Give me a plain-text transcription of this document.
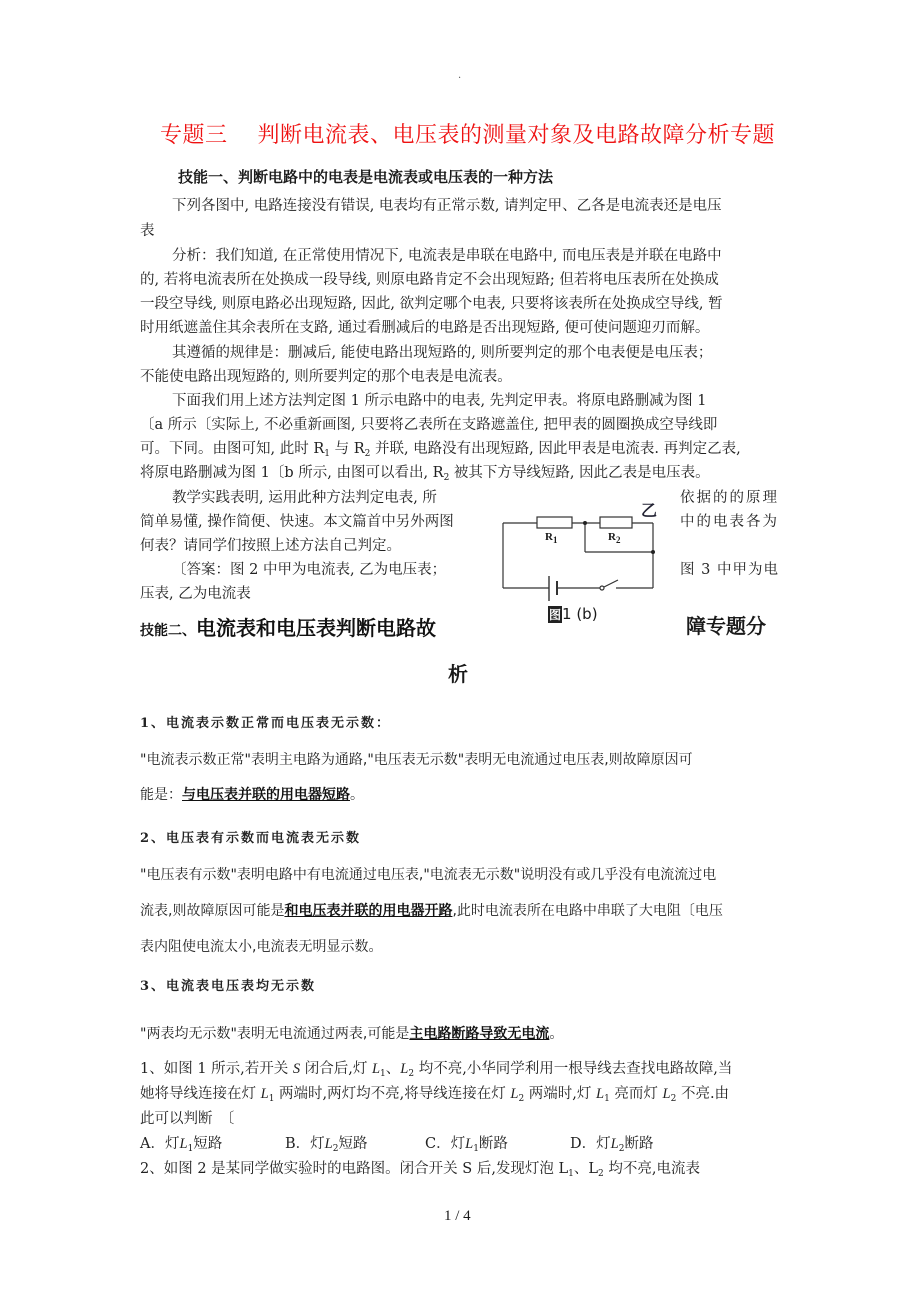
.
专题三 判断电流表、电压表的测量对象及电路故障分析专题
技能一、判断电路中的电表是电流表或电压表的一种方法
下列各图中, 电路连接没有错误, 电表均有正常示数, 请判定甲、乙各是电流表还是电压
表
分析：我们知道, 在正常使用情况下, 电流表是串联在电路中, 而电压表是并联在电路中
的, 若将电流表所在处换成一段导线, 则原电路肯定不会出现短路; 但若将电压表所在处换成
一段空导线, 则原电路必出现短路, 因此, 欲判定哪个电表, 只要将该表所在处换成空导线, 暂
时用纸遮盖住其余表所在支路, 通过看删减后的电路是否出现短路, 便可使问题迎刃而解。
其遵循的规律是：删减后, 能使电路出现短路的, 则所要判定的那个电表便是电压表；
不能使电路出现短路的, 则所要判定的那个电表是电流表。
下面我们用上述方法判定图 1 所示电路中的电表, 先判定甲表。将原电路删减为图 1
〔a 所示〔实际上, 不必重新画图, 只要将乙表所在支路遮盖住, 把甲表的圆圈换成空导线即
可。下同。由图可知, 此时 $R_1$ 与 $R_2$ 并联, 电路没有出现短路, 因此甲表是电流表. 再判定乙表,
将原电路删减为图 1〔b 所示, 由图可以看出, $R_2$ 被其下方导线短路, 因此乙表是电压表。
教学实践表明, 运用此种方法判定电表, 所	依据的的原理
简单易懂, 操作简便、快速。本文篇首中另外两图	中的电表各为
何表？请同学们按照上述方法自己判定。
〔答案：图 2 中甲为电流表, 乙为电压表；	图 3 中甲为电
压表, 乙为电流表
乙
$R_1$	$R_2$
图1 (b)
技能二、电流表和电压表判断电路故	障专题分
析
1、电流表示数正常而电压表无示数：
"电流表示数正常"表明主电路为通路,"电压表无示数"表明无电流通过电压表,则故障原因可
能是：与电压表并联的用电器短路。
2、电压表有示数而电流表无示数
"电压表有示数"表明电路中有电流通过电压表,"电流表无示数"说明没有或几乎没有电流流过电
流表,则故障原因可能是和电压表并联的用电器开路,此时电流表所在电路中串联了大电阻〔电压
表内阻使电流太小,电流表无明显示数。
3、电流表电压表均无示数
"两表均无示数"表明无电流通过两表,可能是主电路断路导致无电流。
1、如图 1 所示,若开关 S 闭合后,灯 $L_1$、$L_2$ 均不亮,小华同学利用一根导线去查找电路故障,当
她将导线连接在灯 $L_1$ 两端时,两灯均不亮,将导线连接在灯 $L_2$ 两端时,灯 $L_1$ 亮而灯 $L_2$ 不亮.由
此可以判断　〔
A．灯L1短路	B．灯L2短路	C．灯L1断路	D．灯L2断路
2、如图 2 是某同学做实验时的电路图。闭合开关 S 后,发现灯泡 $L_1$、$L_2$ 均不亮,电流表
1 / 4
